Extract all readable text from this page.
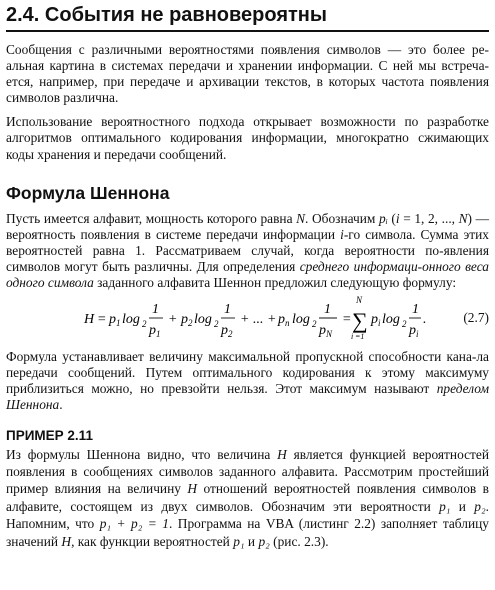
2.4. События не равновероятны

Сообщения с различными вероятностями появления символов — это более ре-альная картина в системах передачи и хранении информации. С ней мы встреча-ется, например, при передаче и архивации текстов, в которых частота появления символов различна.

Использование вероятностного подхода открывает возможности по разработке алгоритмов оптимального кодирования информации, многократно сжимающих коды хранения и передачи сообщений.

Формула Шеннона

Пусть имеется алфавит, мощность которого равна N. Обозначим pᵢ (i = 1, 2, ..., N) — вероятность появления в системе передачи информации i-го символа. Сумма этих вероятностей равна 1. Рассматриваем случай, когда вероятности по-явления символов могут быть различны. Для определения среднего информаци-онного веса одного символа заданного алфавита Шеннон предложил следующую формулу:

H = p 1 log 2
1
p 1
+ p 2 log 2
1
p 2
+ ... + p n log 2
1
p N
=
N
∑
i =1
p i log 2
1
p i
.	(2.7)

Формула устанавливает величину максимальной пропускной способности кана-ла передачи сообщений. Путем оптимального кодирования к этому максимуму приблизиться можно, но превзойти нельзя. Этот максимум называют пределом Шеннона.

ПРИМЕР 2.11

Из формулы Шеннона видно, что величина H является функцией вероятностей появления в сообщениях символов заданного алфавита. Рассмотрим простейший пример влияния на величину H отношений вероятностей появления символов в алфавите, состоящем из двух символов. Обозначим эти вероятности p₁ и p₂. Напомним, что p₁ + p₂ = 1. Программа на VBA (листинг 2.2) заполняет таблицу значений H, как функции вероятностей p₁ и p₂ (рис. 2.3).
